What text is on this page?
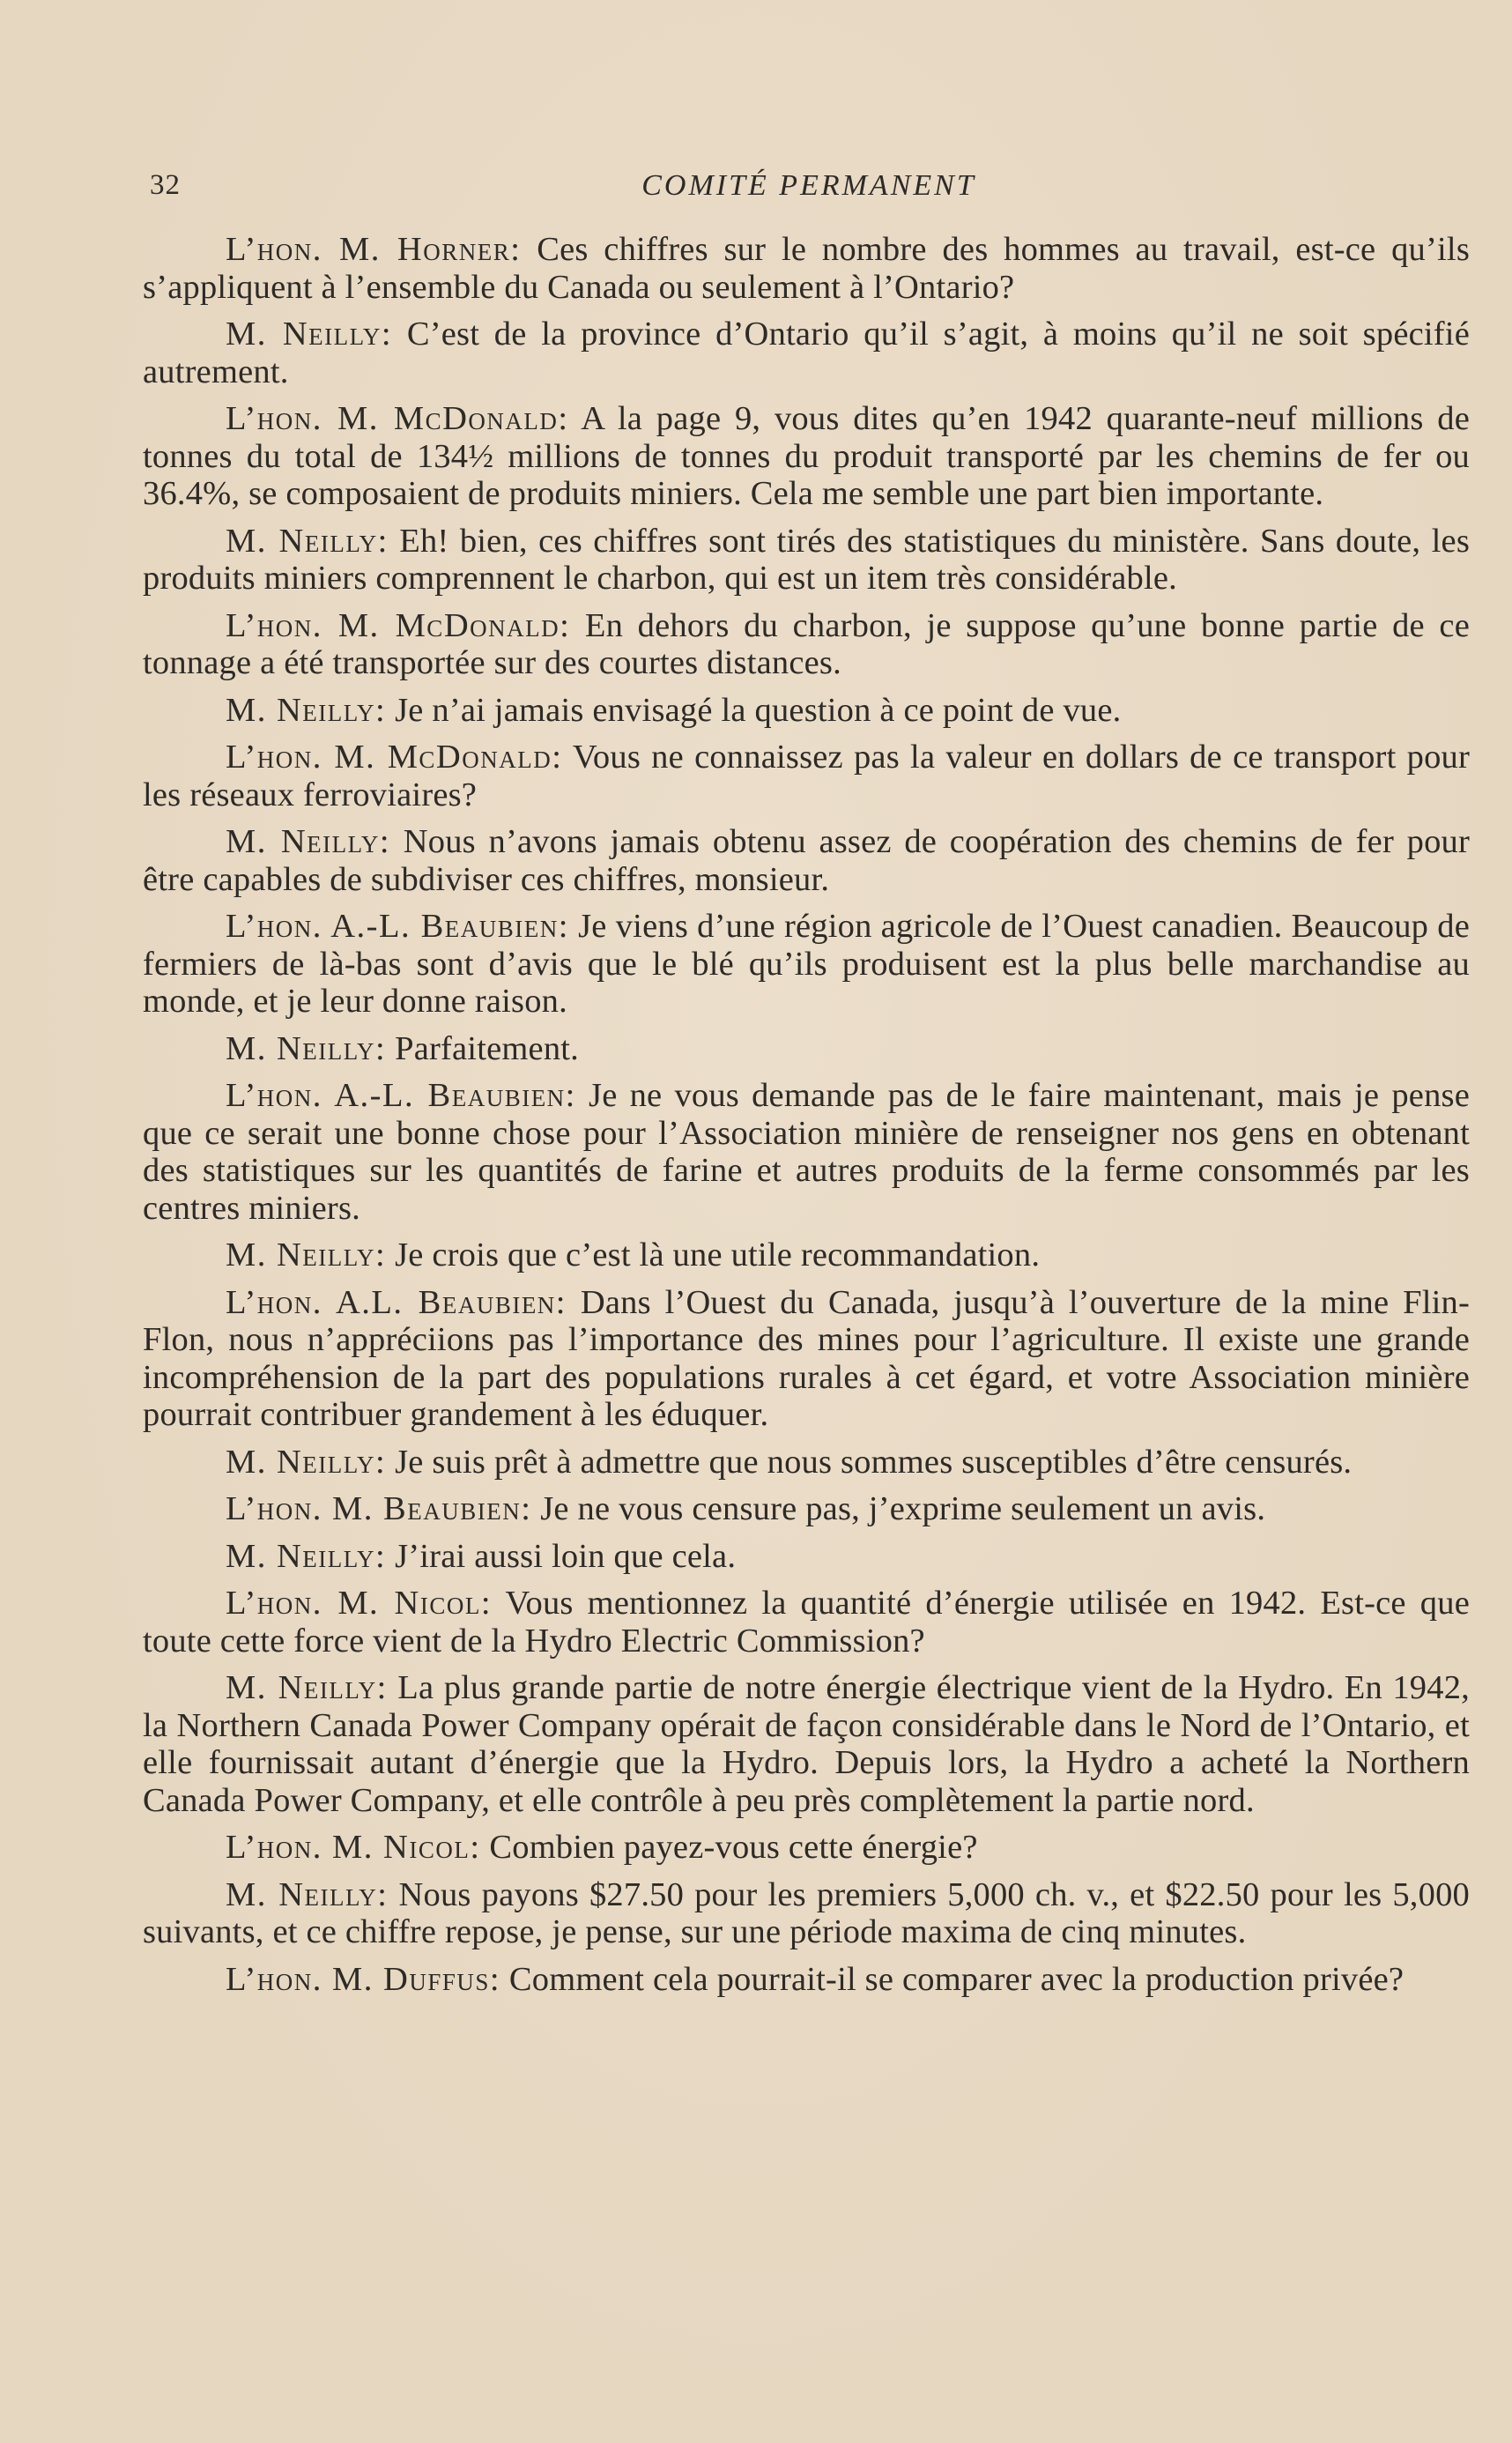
32	COMITÉ PERMANENT

L’hon. M. Horner: Ces chiffres sur le nombre des hommes au travail, est-ce qu’ils s’appliquent à l’ensemble du Canada ou seulement à l’Ontario?

M. Neilly: C’est de la province d’Ontario qu’il s’agit, à moins qu’il ne soit spécifié autrement.

L’hon. M. McDonald: A la page 9, vous dites qu’en 1942 quarante-neuf millions de tonnes du total de 134½ millions de tonnes du produit transporté par les chemins de fer ou 36.4%, se composaient de produits miniers. Cela me semble une part bien importante.

M. Neilly: Eh! bien, ces chiffres sont tirés des statistiques du ministère. Sans doute, les produits miniers comprennent le charbon, qui est un item très considérable.

L’hon. M. McDonald: En dehors du charbon, je suppose qu’une bonne partie de ce tonnage a été transportée sur des courtes distances.

M. Neilly: Je n’ai jamais envisagé la question à ce point de vue.

L’hon. M. McDonald: Vous ne connaissez pas la valeur en dollars de ce transport pour les réseaux ferroviaires?

M. Neilly: Nous n’avons jamais obtenu assez de coopération des chemins de fer pour être capables de subdiviser ces chiffres, monsieur.

L’hon. A.-L. Beaubien: Je viens d’une région agricole de l’Ouest canadien. Beaucoup de fermiers de là-bas sont d’avis que le blé qu’ils produisent est la plus belle marchandise au monde, et je leur donne raison.

M. Neilly: Parfaitement.

L’hon. A.-L. Beaubien: Je ne vous demande pas de le faire maintenant, mais je pense que ce serait une bonne chose pour l’Association minière de renseigner nos gens en obtenant des statistiques sur les quantités de farine et autres produits de la ferme consommés par les centres miniers.

M. Neilly: Je crois que c’est là une utile recommandation.

L’hon. A.L. Beaubien: Dans l’Ouest du Canada, jusqu’à l’ouverture de la mine Flin-Flon, nous n’appréciions pas l’importance des mines pour l’agriculture. Il existe une grande incompréhension de la part des populations rurales à cet égard, et votre Association minière pourrait contribuer grandement à les éduquer.

M. Neilly: Je suis prêt à admettre que nous sommes susceptibles d’être censurés.

L’hon. M. Beaubien: Je ne vous censure pas, j’exprime seulement un avis.

M. Neilly: J’irai aussi loin que cela.

L’hon. M. Nicol: Vous mentionnez la quantité d’énergie utilisée en 1942. Est-ce que toute cette force vient de la Hydro Electric Commission?

M. Neilly: La plus grande partie de notre énergie électrique vient de la Hydro. En 1942, la Northern Canada Power Company opérait de façon considérable dans le Nord de l’Ontario, et elle fournissait autant d’énergie que la Hydro. Depuis lors, la Hydro a acheté la Northern Canada Power Company, et elle contrôle à peu près complètement la partie nord.

L’hon. M. Nicol: Combien payez-vous cette énergie?

M. Neilly: Nous payons $27.50 pour les premiers 5,000 ch. v., et $22.50 pour les 5,000 suivants, et ce chiffre repose, je pense, sur une période maxima de cinq minutes.

L’hon. M. Duffus: Comment cela pourrait-il se comparer avec la production privée?
